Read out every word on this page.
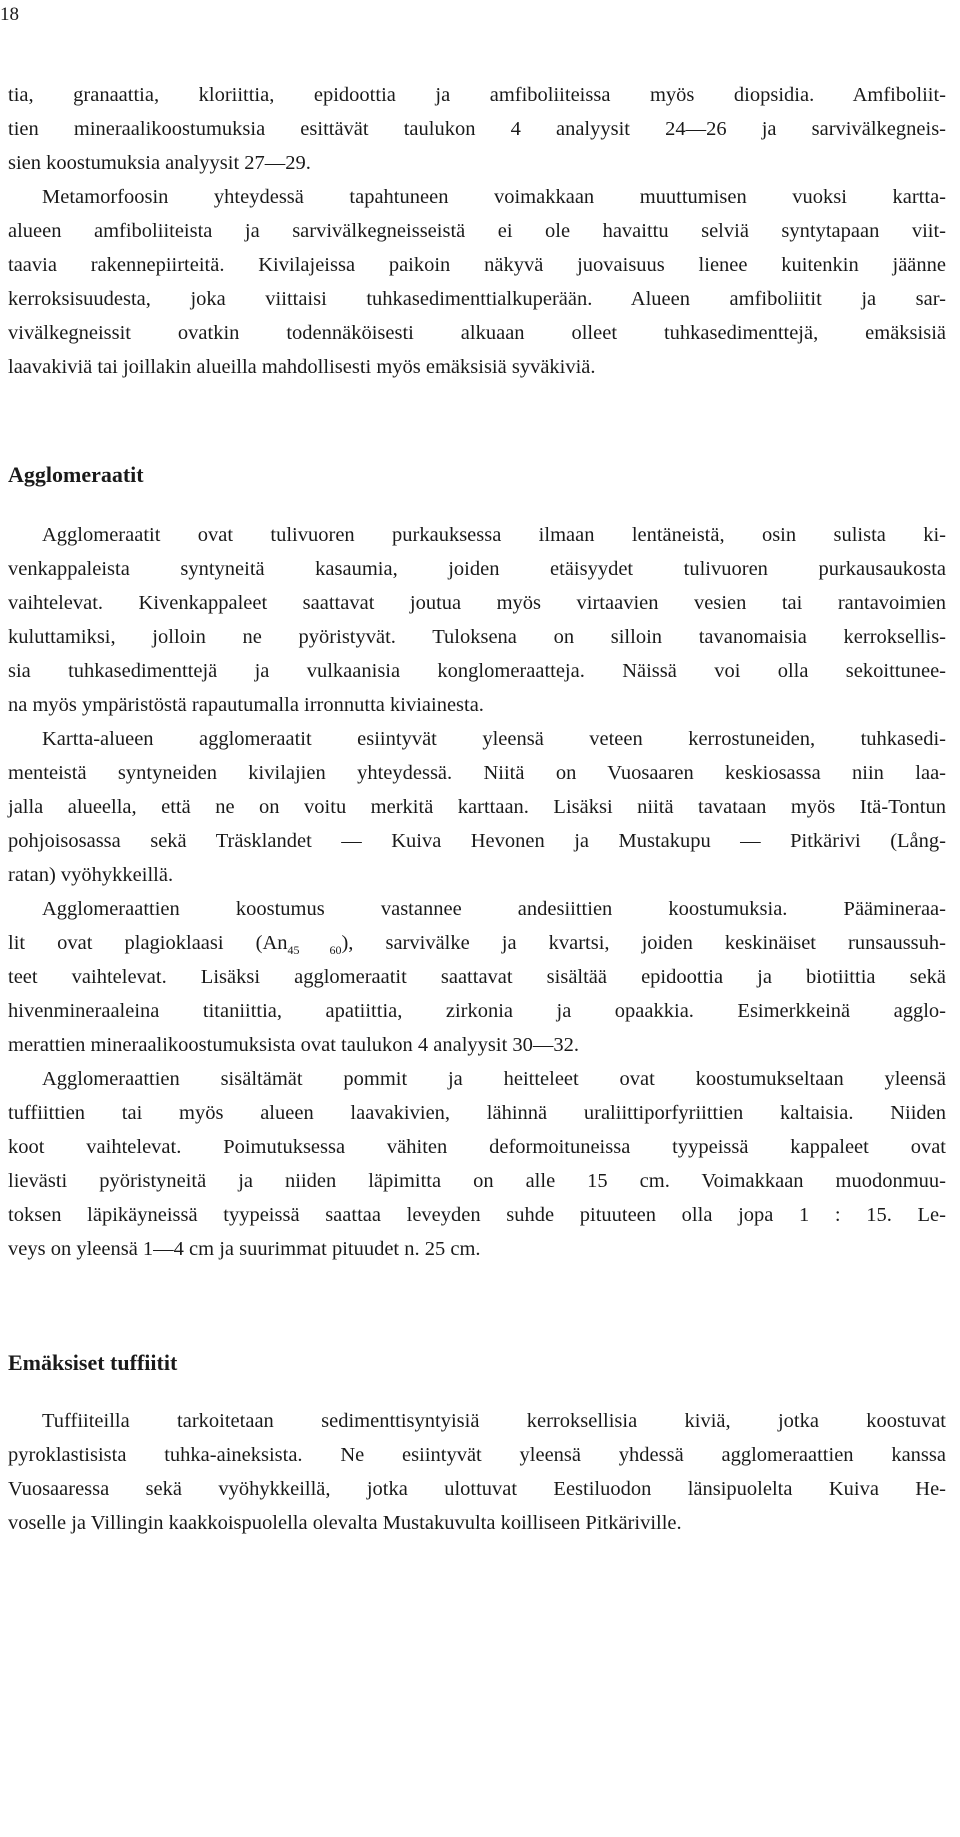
18

tia, granaattia, kloriittia, epidoottia ja amfiboliiteissa myös diopsidia. Amfiboliit-
tien mineraalikoostumuksia esittävät taulukon 4 analyysit 24—26 ja sarvivälkegneis-
sien koostumuksia analyysit 27—29.

Metamorfoosin yhteydessä tapahtuneen voimakkaan muuttumisen vuoksi kartta-
alueen amfiboliiteista ja sarvivälkegneisseistä ei ole havaittu selviä syntytapaan viit-
taavia rakennepiirteitä. Kivilajeissa paikoin näkyvä juovaisuus lienee kuitenkin jäänne
kerroksisuudesta, joka viittaisi tuhkasedimenttialkuperään. Alueen amfiboliitit ja sar-
vivälkegneissit ovatkin todennäköisesti alkuaan olleet tuhkasedimenttejä, emäksisiä
laavakiviä tai joillakin alueilla mahdollisesti myös emäksisiä syväkiviä.

Agglomeraatit

Agglomeraatit ovat tulivuoren purkauksessa ilmaan lentäneistä, osin sulista ki-
venkappaleista syntyneitä kasaumia, joiden etäisyydet tulivuoren purkausaukosta
vaihtelevat. Kivenkappaleet saattavat joutua myös virtaavien vesien tai rantavoimien
kuluttamiksi, jolloin ne pyöristyvät. Tuloksena on silloin tavanomaisia kerroksellis-
sia tuhkasedimenttejä ja vulkaanisia konglomeraatteja. Näissä voi olla sekoittunee-
na myös ympäristöstä rapautumalla irronnutta kiviainesta.

Kartta-alueen agglomeraatit esiintyvät yleensä veteen kerrostuneiden, tuhkasedi-
menteistä syntyneiden kivilajien yhteydessä. Niitä on Vuosaaren keskiosassa niin laa-
jalla alueella, että ne on voitu merkitä karttaan. Lisäksi niitä tavataan myös Itä-Tontun
pohjoisosassa sekä Träsklandet — Kuiva Hevonen ja Mustakupu — Pitkärivi (Lång-
ratan) vyöhykkeillä.

Agglomeraattien koostumus vastannee andesiittien koostumuksia. Päämineraa-
lit ovat plagioklaasi $(An_{45 60})$, sarvivälke ja kvartsi, joiden keskinäiset runsaussuh-
teet vaihtelevat. Lisäksi agglomeraatit saattavat sisältää epidoottia ja biotiittia sekä
hivenmineraaleina titaniittia, apatiittia, zirkonia ja opaakkia. Esimerkkeinä agglo-
merattien mineraalikoostumuksista ovat taulukon 4 analyysit 30—32.

Agglomeraattien sisältämät pommit ja heitteleet ovat koostumukseltaan yleensä
tuffiittien tai myös alueen laavakivien, lähinnä uraliittiporfyriittien kaltaisia. Niiden
koot vaihtelevat. Poimutuksessa vähiten deformoituneissa tyypeissä kappaleet ovat
lievästi pyöristyneitä ja niiden läpimitta on alle 15 cm. Voimakkaan muodonmuu-
toksen läpikäyneissä tyypeissä saattaa leveyden suhde pituuteen olla jopa 1 : 15. Le-
veys on yleensä 1—4 cm ja suurimmat pituudet n. 25 cm.

Emäksiset tuffiitit

Tuffiiteilla tarkoitetaan sedimenttisyntyisiä kerroksellisia kiviä, jotka koostuvat
pyroklastisista tuhka-aineksista. Ne esiintyvät yleensä yhdessä agglomeraattien kanssa
Vuosaaressa sekä vyöhykkeillä, jotka ulottuvat Eestiluodon länsipuolelta Kuiva He-
voselle ja Villingin kaakkoispuolella olevalta Mustakuvulta koilliseen Pitkäriville.
